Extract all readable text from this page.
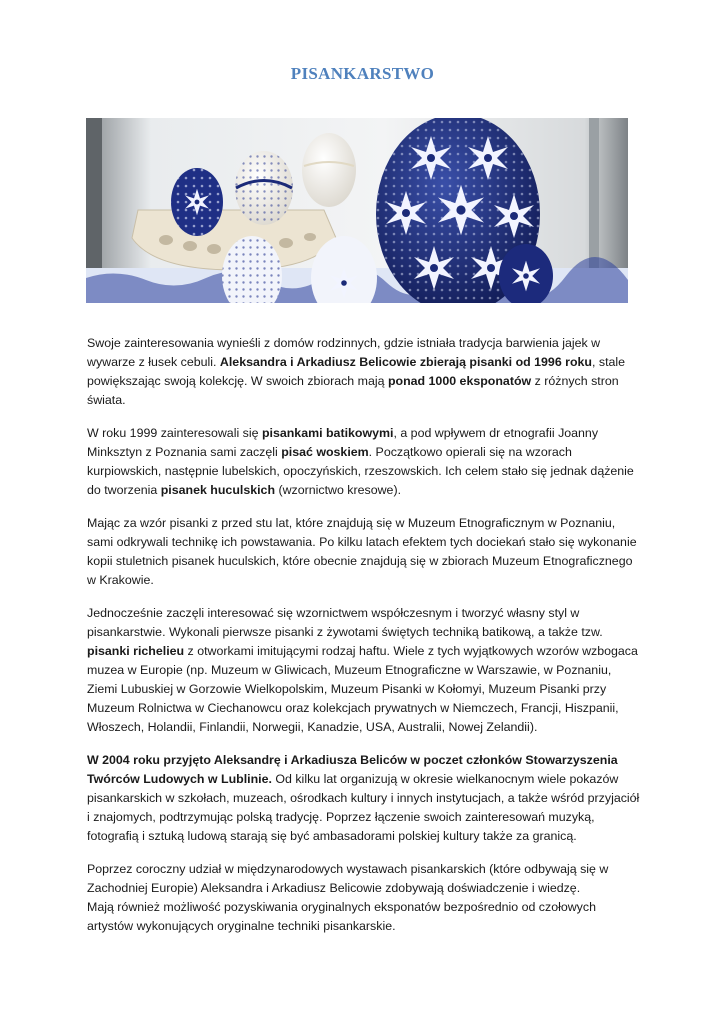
PISANKARSTWO

Swoje zainteresowania wynieśli z domów rodzinnych, gdzie istniała tradycja barwienia jajek w wywarze z łusek cebuli. Aleksandra i Arkadiusz Belicowie zbierają pisanki od 1996 roku, stale powiększając swoją kolekcję. W swoich zbiorach mają ponad 1000 eksponatów z różnych stron świata.

W roku 1999 zainteresowali się pisankami batikowymi, a pod wpływem dr etnografii Joanny Minksztyn z Poznania sami zaczęli pisać woskiem. Początkowo opierali się na wzorach kurpiowskich, następnie lubelskich, opoczyńskich, rzeszowskich. Ich celem stało się jednak dążenie do tworzenia pisanek huculskich (wzornictwo kresowe).

Mając za wzór pisanki z przed stu lat, które znajdują się w Muzeum Etnograficznym w Poznaniu, sami odkrywali technikę ich powstawania. Po kilku latach efektem tych dociekań stało się wykonanie kopii stuletnich pisanek huculskich, które obecnie znajdują się w zbiorach Muzeum Etnograficznego w Krakowie.

Jednocześnie zaczęli interesować się wzornictwem współczesnym i tworzyć własny styl w pisankarstwie. Wykonali pierwsze pisanki z żywotami świętych techniką batikową, a także tzw. pisanki richelieu z otworkami imitującymi rodzaj haftu. Wiele z tych wyjątkowych wzorów wzbogaca muzea w Europie (np. Muzeum w Gliwicach, Muzeum Etnograficzne w Warszawie, w Poznaniu, Ziemi Lubuskiej w Gorzowie Wielkopolskim, Muzeum Pisanki w Kołomyi, Muzeum Pisanki przy Muzeum Rolnictwa w Ciechanowcu oraz kolekcjach prywatnych w Niemczech, Francji, Hiszpanii, Włoszech, Holandii, Finlandii, Norwegii, Kanadzie, USA, Australii, Nowej Zelandii).

W 2004 roku przyjęto Aleksandrę i Arkadiusza Beliców w poczet członków Stowarzyszenia Twórców Ludowych w Lublinie. Od kilku lat organizują w okresie wielkanocnym wiele pokazów pisankarskich w szkołach, muzeach, ośrodkach kultury i innych instytucjach, a także wśród przyjaciół i znajomych, podtrzymując polską tradycję. Poprzez łączenie swoich zainteresowań muzyką, fotografią i sztuką ludową starają się być ambasadorami polskiej kultury także za granicą.

Poprzez coroczny udział w międzynarodowych wystawach pisankarskich (które odbywają się w Zachodniej Europie) Aleksandra i Arkadiusz Belicowie zdobywają doświadczenie i wiedzę.
Mają również możliwość pozyskiwania oryginalnych eksponatów bezpośrednio od czołowych artystów wykonujących oryginalne techniki pisankarskie.
